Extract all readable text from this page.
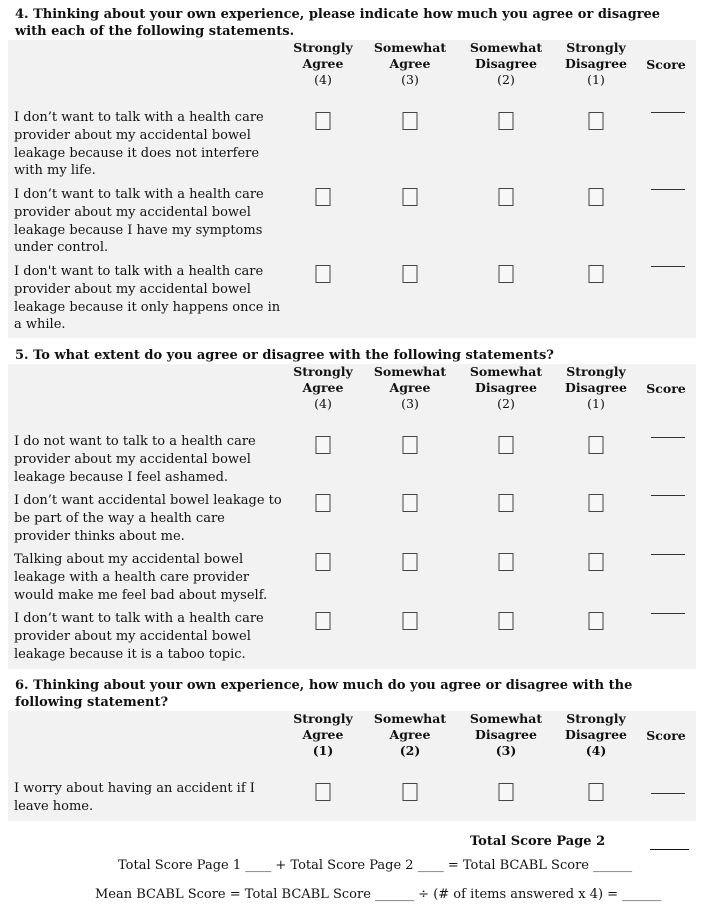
4. Thinking about your own experience, please indicate how much you agree or disagree with each of the following statements.
Strongly
Agree
(4)
Somewhat
Agree
(3)
Somewhat
Disagree
(2)
Strongly
Disagree
(1)
Score
I don’t want to talk with a health care provider about my accidental bowel leakage because it does not interfere with my life.
I don’t want to talk with a health care provider about my accidental bowel leakage because I have my symptoms under control.
I don't want to talk with a health care provider about my accidental bowel leakage because it only happens once in a while.
5. To what extent do you agree or disagree with the following statements?
Strongly
Agree
(4)
Somewhat
Agree
(3)
Somewhat
Disagree
(2)
Strongly
Disagree
(1)
Score
I do not want to talk to a health care provider about my accidental bowel leakage because I feel ashamed.
I don’t want accidental bowel leakage to be part of the way a health care provider thinks about me.
Talking about my accidental bowel leakage with a health care provider would make me feel bad about myself.
I don’t want to talk with a health care provider about my accidental bowel leakage because it is a taboo topic.
6. Thinking about your own experience, how much do you agree or disagree with the following statement?
Strongly
Agree
(1)
Somewhat
Agree
(2)
Somewhat
Disagree
(3)
Strongly
Disagree
(4)
Score
I worry about having an accident if I leave home.
Total Score Page 2
Total Score Page 1 ____ + Total Score Page 2 ____ = Total BCABL Score ______
Mean BCABL Score = Total BCABL Score ______ ÷ (# of items answered x 4) = ______
